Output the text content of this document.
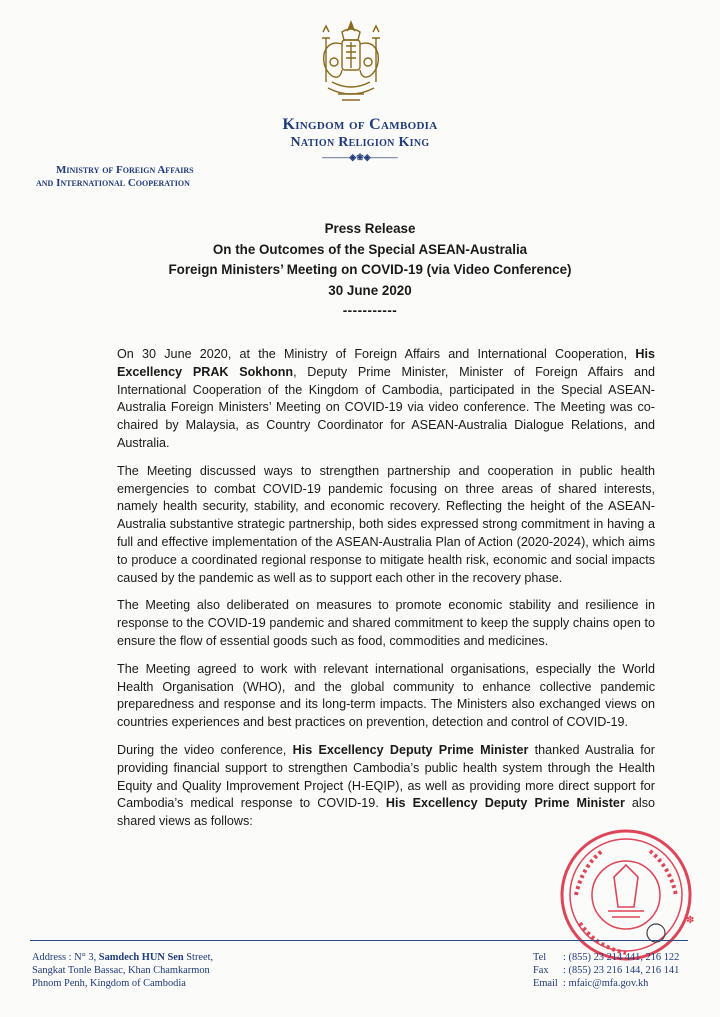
Kingdom of Cambodia
Nation Religion King
———◈❀◈———
Ministry of Foreign Affairs
and International Cooperation
Press Release
On the Outcomes of the Special ASEAN-Australia
Foreign Ministers’ Meeting on COVID-19 (via Video Conference)
30 June 2020
-----------

On 30 June 2020, at the Ministry of Foreign Affairs and International Cooperation, His Excellency PRAK Sokhonn, Deputy Prime Minister, Minister of Foreign Affairs and International Cooperation of the Kingdom of Cambodia, participated in the Special ASEAN-Australia Foreign Ministers’ Meeting on COVID-19 via video conference. The Meeting was co-chaired by Malaysia, as Country Coordinator for ASEAN-Australia Dialogue Relations, and Australia.

The Meeting discussed ways to strengthen partnership and cooperation in public health emergencies to combat COVID-19 pandemic focusing on three areas of shared interests, namely health security, stability, and economic recovery. Reflecting the height of the ASEAN-Australia substantive strategic partnership, both sides expressed strong commitment in having a full and effective implementation of the ASEAN-Australia Plan of Action (2020-2024), which aims to produce a coordinated regional response to mitigate health risk, economic and social impacts caused by the pandemic as well as to support each other in the recovery phase.

The Meeting also deliberated on measures to promote economic stability and resilience in response to the COVID-19 pandemic and shared commitment to keep the supply chains open to ensure the flow of essential goods such as food, commodities and medicines.

The Meeting agreed to work with relevant international organisations, especially the World Health Organisation (WHO), and the global community to enhance collective pandemic preparedness and response and its long-term impacts. The Ministers also exchanged views on countries experiences and best practices on prevention, detection and control of COVID-19.

During the video conference, His Excellency Deputy Prime Minister thanked Australia for providing financial support to strengthen Cambodia’s public health system through the Health Equity and Quality Improvement Project (H-EQIP), as well as providing more direct support for Cambodia’s medical response to COVID-19. His Excellency Deputy Prime Minister also shared views as follows:

✽
Address : N° 3, Samdech HUN Sen Street,
Sangkat Tonle Bassac, Khan Chamkarmon
Phnom Penh, Kingdom of Cambodia
Tel : (855) 23 214 441, 216 122
Fax : (855) 23 216 144, 216 141
Email : mfaic@mfa.gov.kh
